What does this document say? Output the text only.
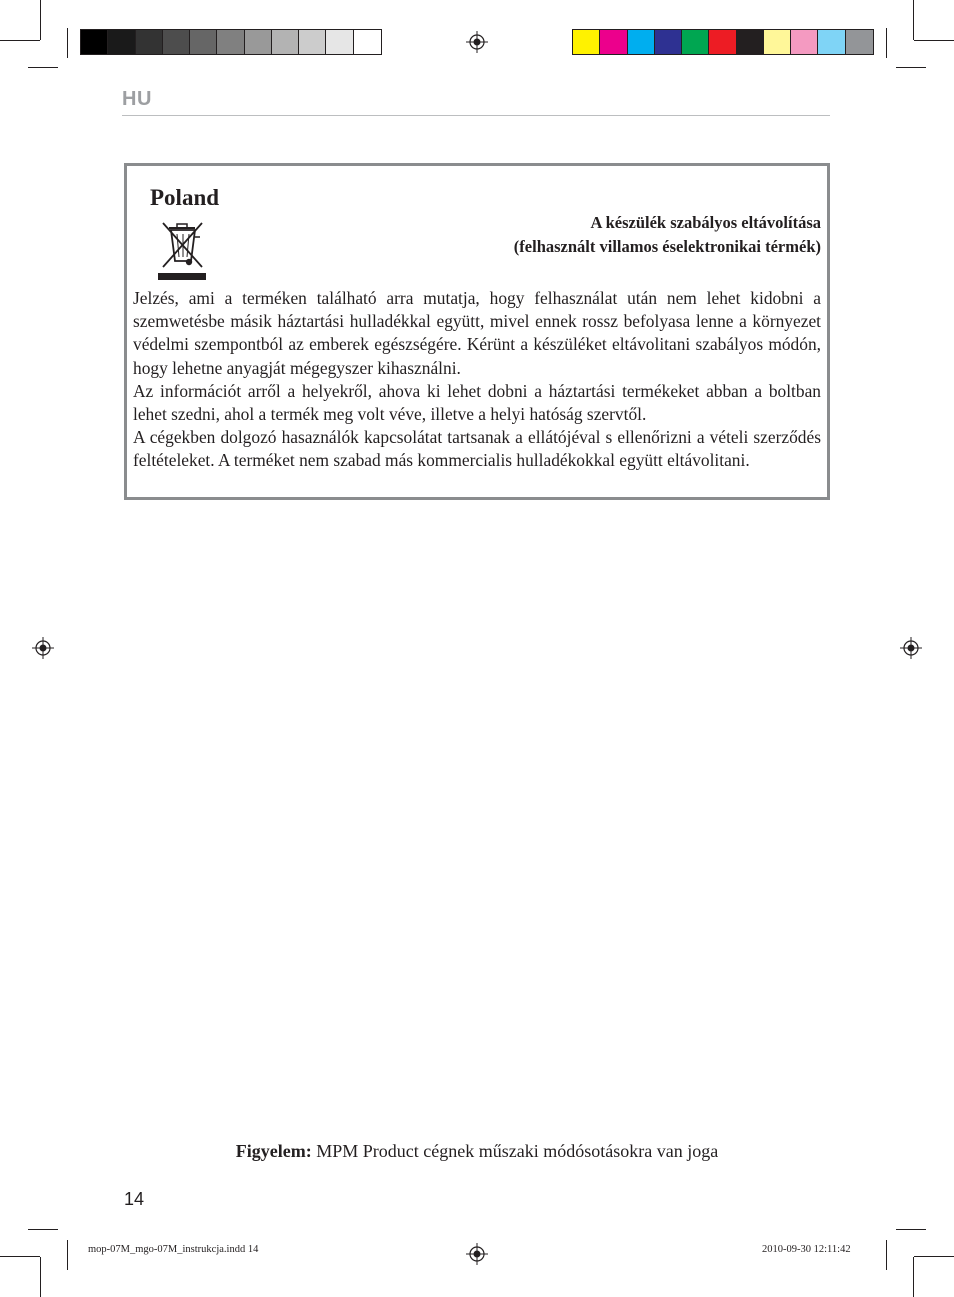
HU
Poland
A készülék szabályos eltávolítása
(felhasznált villamos éselektronikai térmék)

Jelzés, ami a terméken található arra mutatja, hogy felhasználat után nem lehet kidobni a szemwetésbe másik háztartási hulladékkal együtt, mivel ennek rossz befolyasa lenne a környezet védelmi szempontból az emberek egészségére. Kérünt a készüléket eltávolitani szabályos módón, hogy lehetne anyagját mégegyszer kihasználni.

Az információt arről a helyekről, ahova ki lehet dobni a háztartási termékeket abban a boltban lehet szedni, ahol a termék meg volt véve, illetve a helyi hatóság szervtől.

A cégekben dolgozó hasaználók kapcsolátat tartsanak a ellátójéval s ellenőrizni a vételi szerződés feltételeket. A terméket nem szabad más kommercialis hulladékokkal együtt eltávolitani.

Figyelem: MPM Product cégnek műszaki módósotásokra van joga
14
mop-07M_mgo-07M_instrukcja.indd 14	2010-09-30 12:11:42
